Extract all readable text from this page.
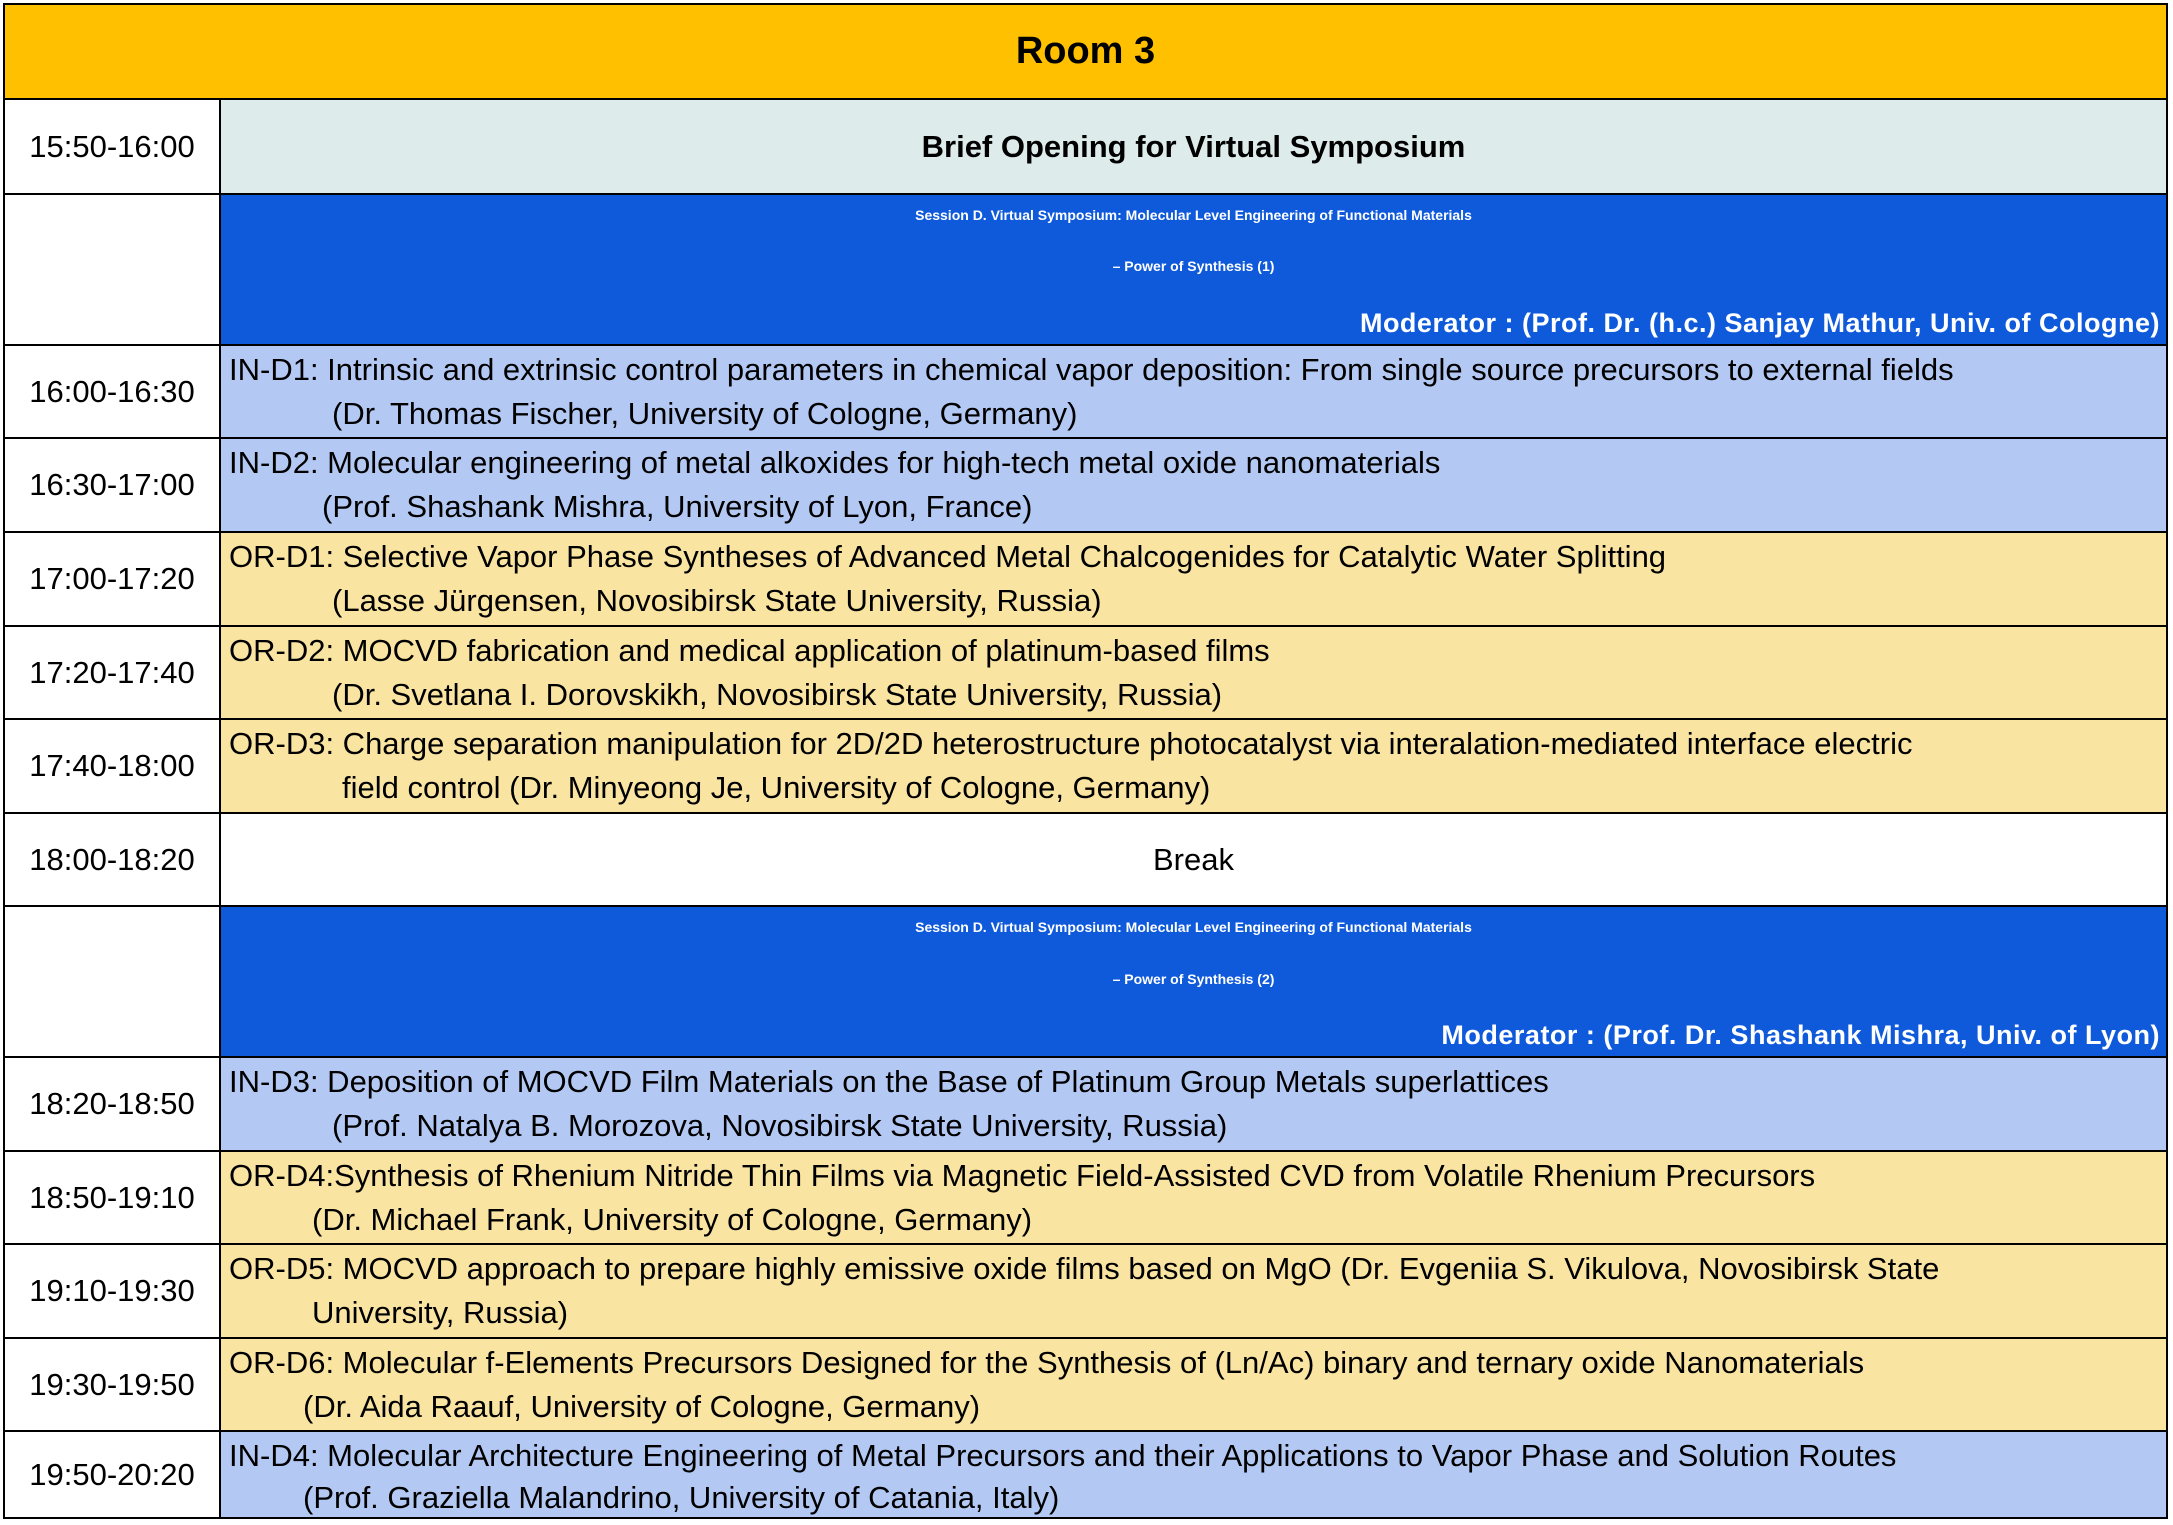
Room 3
15:50-16:00	Brief Opening for Virtual Symposium
Session D. Virtual Symposium: Molecular Level Engineering of Functional Materials
– Power of Synthesis (1)
Moderator : (Prof. Dr. (h.c.) Sanjay Mathur, Univ. of Cologne)
16:00-16:30
IN-D1: Intrinsic and extrinsic control parameters in chemical vapor deposition: From single source precursors to external fields
(Dr. Thomas Fischer, University of Cologne, Germany)
16:30-17:00
IN-D2: Molecular engineering of metal alkoxides for high-tech metal oxide nanomaterials
(Prof. Shashank Mishra, University of Lyon, France)
17:00-17:20
OR-D1: Selective Vapor Phase Syntheses of Advanced Metal Chalcogenides for Catalytic Water Splitting
(Lasse Jürgensen, Novosibirsk State University, Russia)
17:20-17:40
OR-D2: MOCVD fabrication and medical application of platinum-based films
(Dr. Svetlana I. Dorovskikh, Novosibirsk State University, Russia)
17:40-18:00
OR-D3: Charge separation manipulation for 2D/2D heterostructure photocatalyst via interalation-mediated interface electric
field control (Dr. Minyeong Je, University of Cologne, Germany)
18:00-18:20	Break
Session D. Virtual Symposium: Molecular Level Engineering of Functional Materials
– Power of Synthesis (2)
Moderator : (Prof. Dr. Shashank Mishra, Univ. of Lyon)
18:20-18:50
IN-D3: Deposition of MOCVD Film Materials on the Base of Platinum Group Metals superlattices
(Prof. Natalya B. Morozova, Novosibirsk State University, Russia)
18:50-19:10
OR-D4:Synthesis of Rhenium Nitride Thin Films via Magnetic Field-Assisted CVD from Volatile Rhenium Precursors
(Dr. Michael Frank, University of Cologne, Germany)
19:10-19:30
OR-D5: MOCVD approach to prepare highly emissive oxide films based on MgO (Dr. Evgeniia S. Vikulova, Novosibirsk State
University, Russia)
19:30-19:50
OR-D6: Molecular f-Elements Precursors Designed for the Synthesis of (Ln/Ac) binary and ternary oxide Nanomaterials
(Dr. Aida Raauf, University of Cologne, Germany)
19:50-20:20
IN-D4: Molecular Architecture Engineering of Metal Precursors and their Applications to Vapor Phase and Solution Routes
(Prof. Graziella Malandrino, University of Catania, Italy)
